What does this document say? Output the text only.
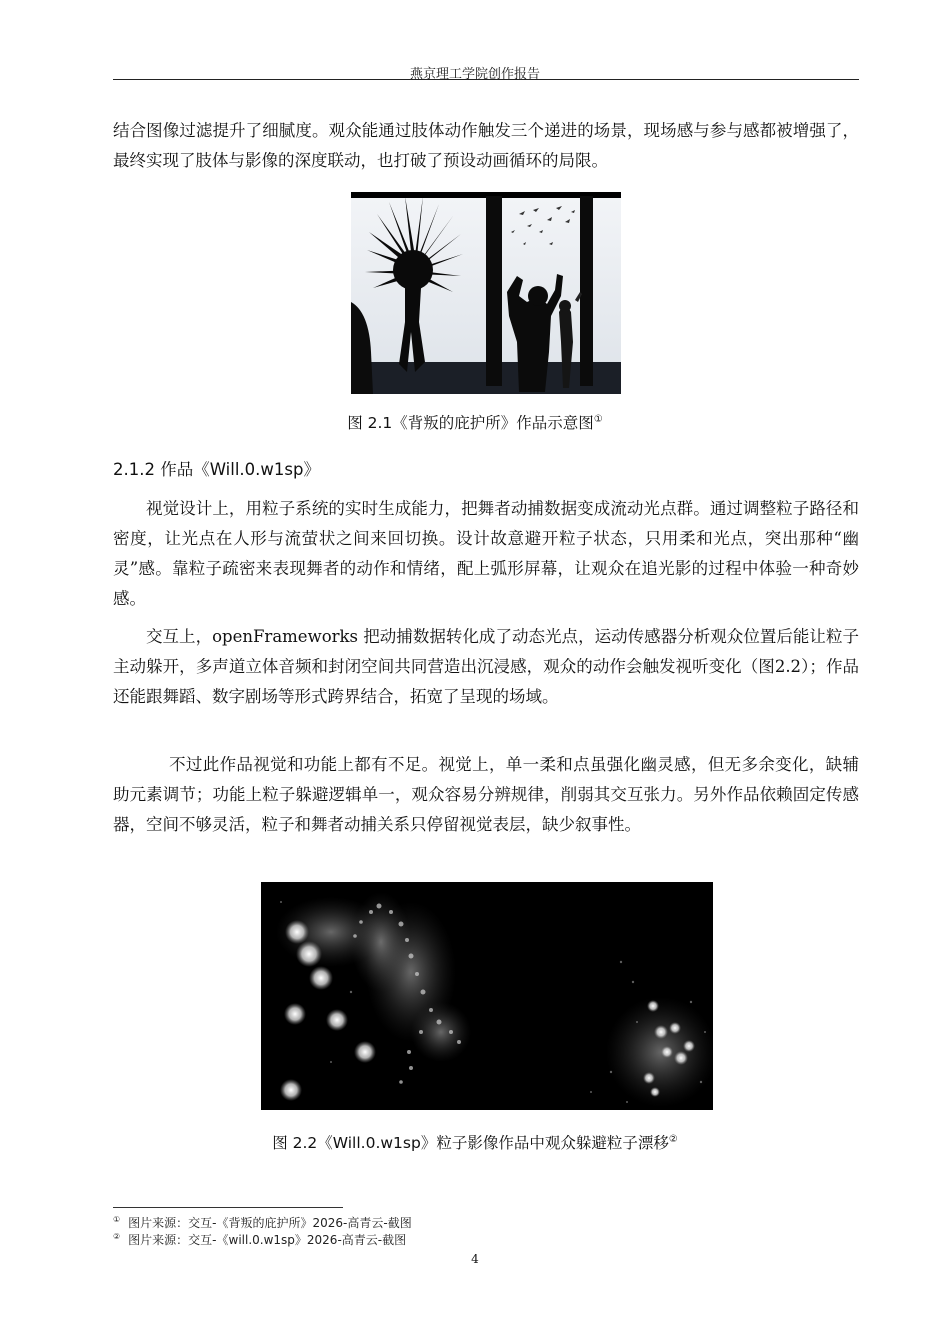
燕京理工学院创作报告

结合图像过滤提升了细腻度。观众能通过肢体动作触发三个递进的场景，现场感与参与感都被增强了，最终实现了肢体与影像的深度联动，也打破了预设动画循环的局限。

图 2.1《背叛的庇护所》作品示意图①
2.1.2 作品《Will.0.w1sp》

视觉设计上，用粒子系统的实时生成能力，把舞者动捕数据变成流动光点群。通过调整粒子路径和密度，让光点在人形与流萤状之间来回切换。设计故意避开粒子状态，只用柔和光点，突出那种“幽灵”感。靠粒子疏密来表现舞者的动作和情绪，配上弧形屏幕，让观众在追光影的过程中体验一种奇妙感。

交互上，openFrameworks 把动捕数据转化成了动态光点，运动传感器分析观众位置后能让粒子主动躲开，多声道立体音频和封闭空间共同营造出沉浸感，观众的动作会触发视听变化（图2.2）；作品还能跟舞蹈、数字剧场等形式跨界结合，拓宽了呈现的场域。

不过此作品视觉和功能上都有不足。视觉上，单一柔和点虽强化幽灵感，但无多余变化，缺辅助元素调节；功能上粒子躲避逻辑单一，观众容易分辨规律，削弱其交互张力。另外作品依赖固定传感器，空间不够灵活，粒子和舞者动捕关系只停留视觉表层，缺少叙事性。

图 2.2《Will.0.w1sp》粒子影像作品中观众躲避粒子漂移②
① 图片来源：交互-《背叛的庇护所》2026-高青云-截图
② 图片来源：交互-《will.0.w1sp》2026-高青云-截图
4
